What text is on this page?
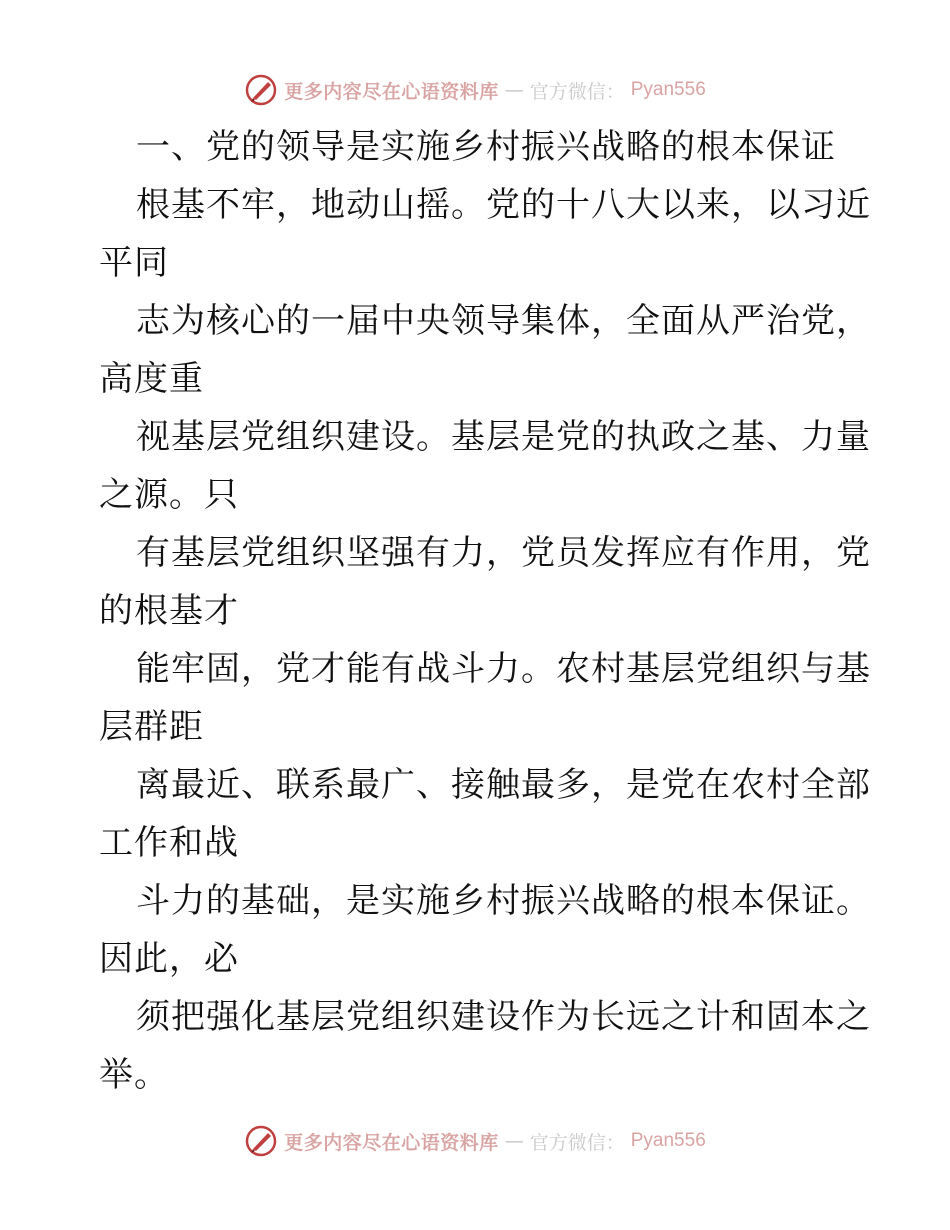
更多内容尽在心语资料库 — 官方微信： Pyan556
一、党的领导是实施乡村振兴战略的根本保证
根基不牢，地动山摇。党的十八大以来，以习近
平同
志为核心的一届中央领导集体，全面从严治党，
高度重
视基层党组织建设。基层是党的执政之基、力量
之源。只
有基层党组织坚强有力，党员发挥应有作用，党
的根基才
能牢固，党才能有战斗力。农村基层党组织与基
层群距
离最近、联系最广、接触最多，是党在农村全部
工作和战
斗力的基础，是实施乡村振兴战略的根本保证。
因此，必
须把强化基层党组织建设作为长远之计和固本之
举。
更多内容尽在心语资料库 — 官方微信： Pyan556
